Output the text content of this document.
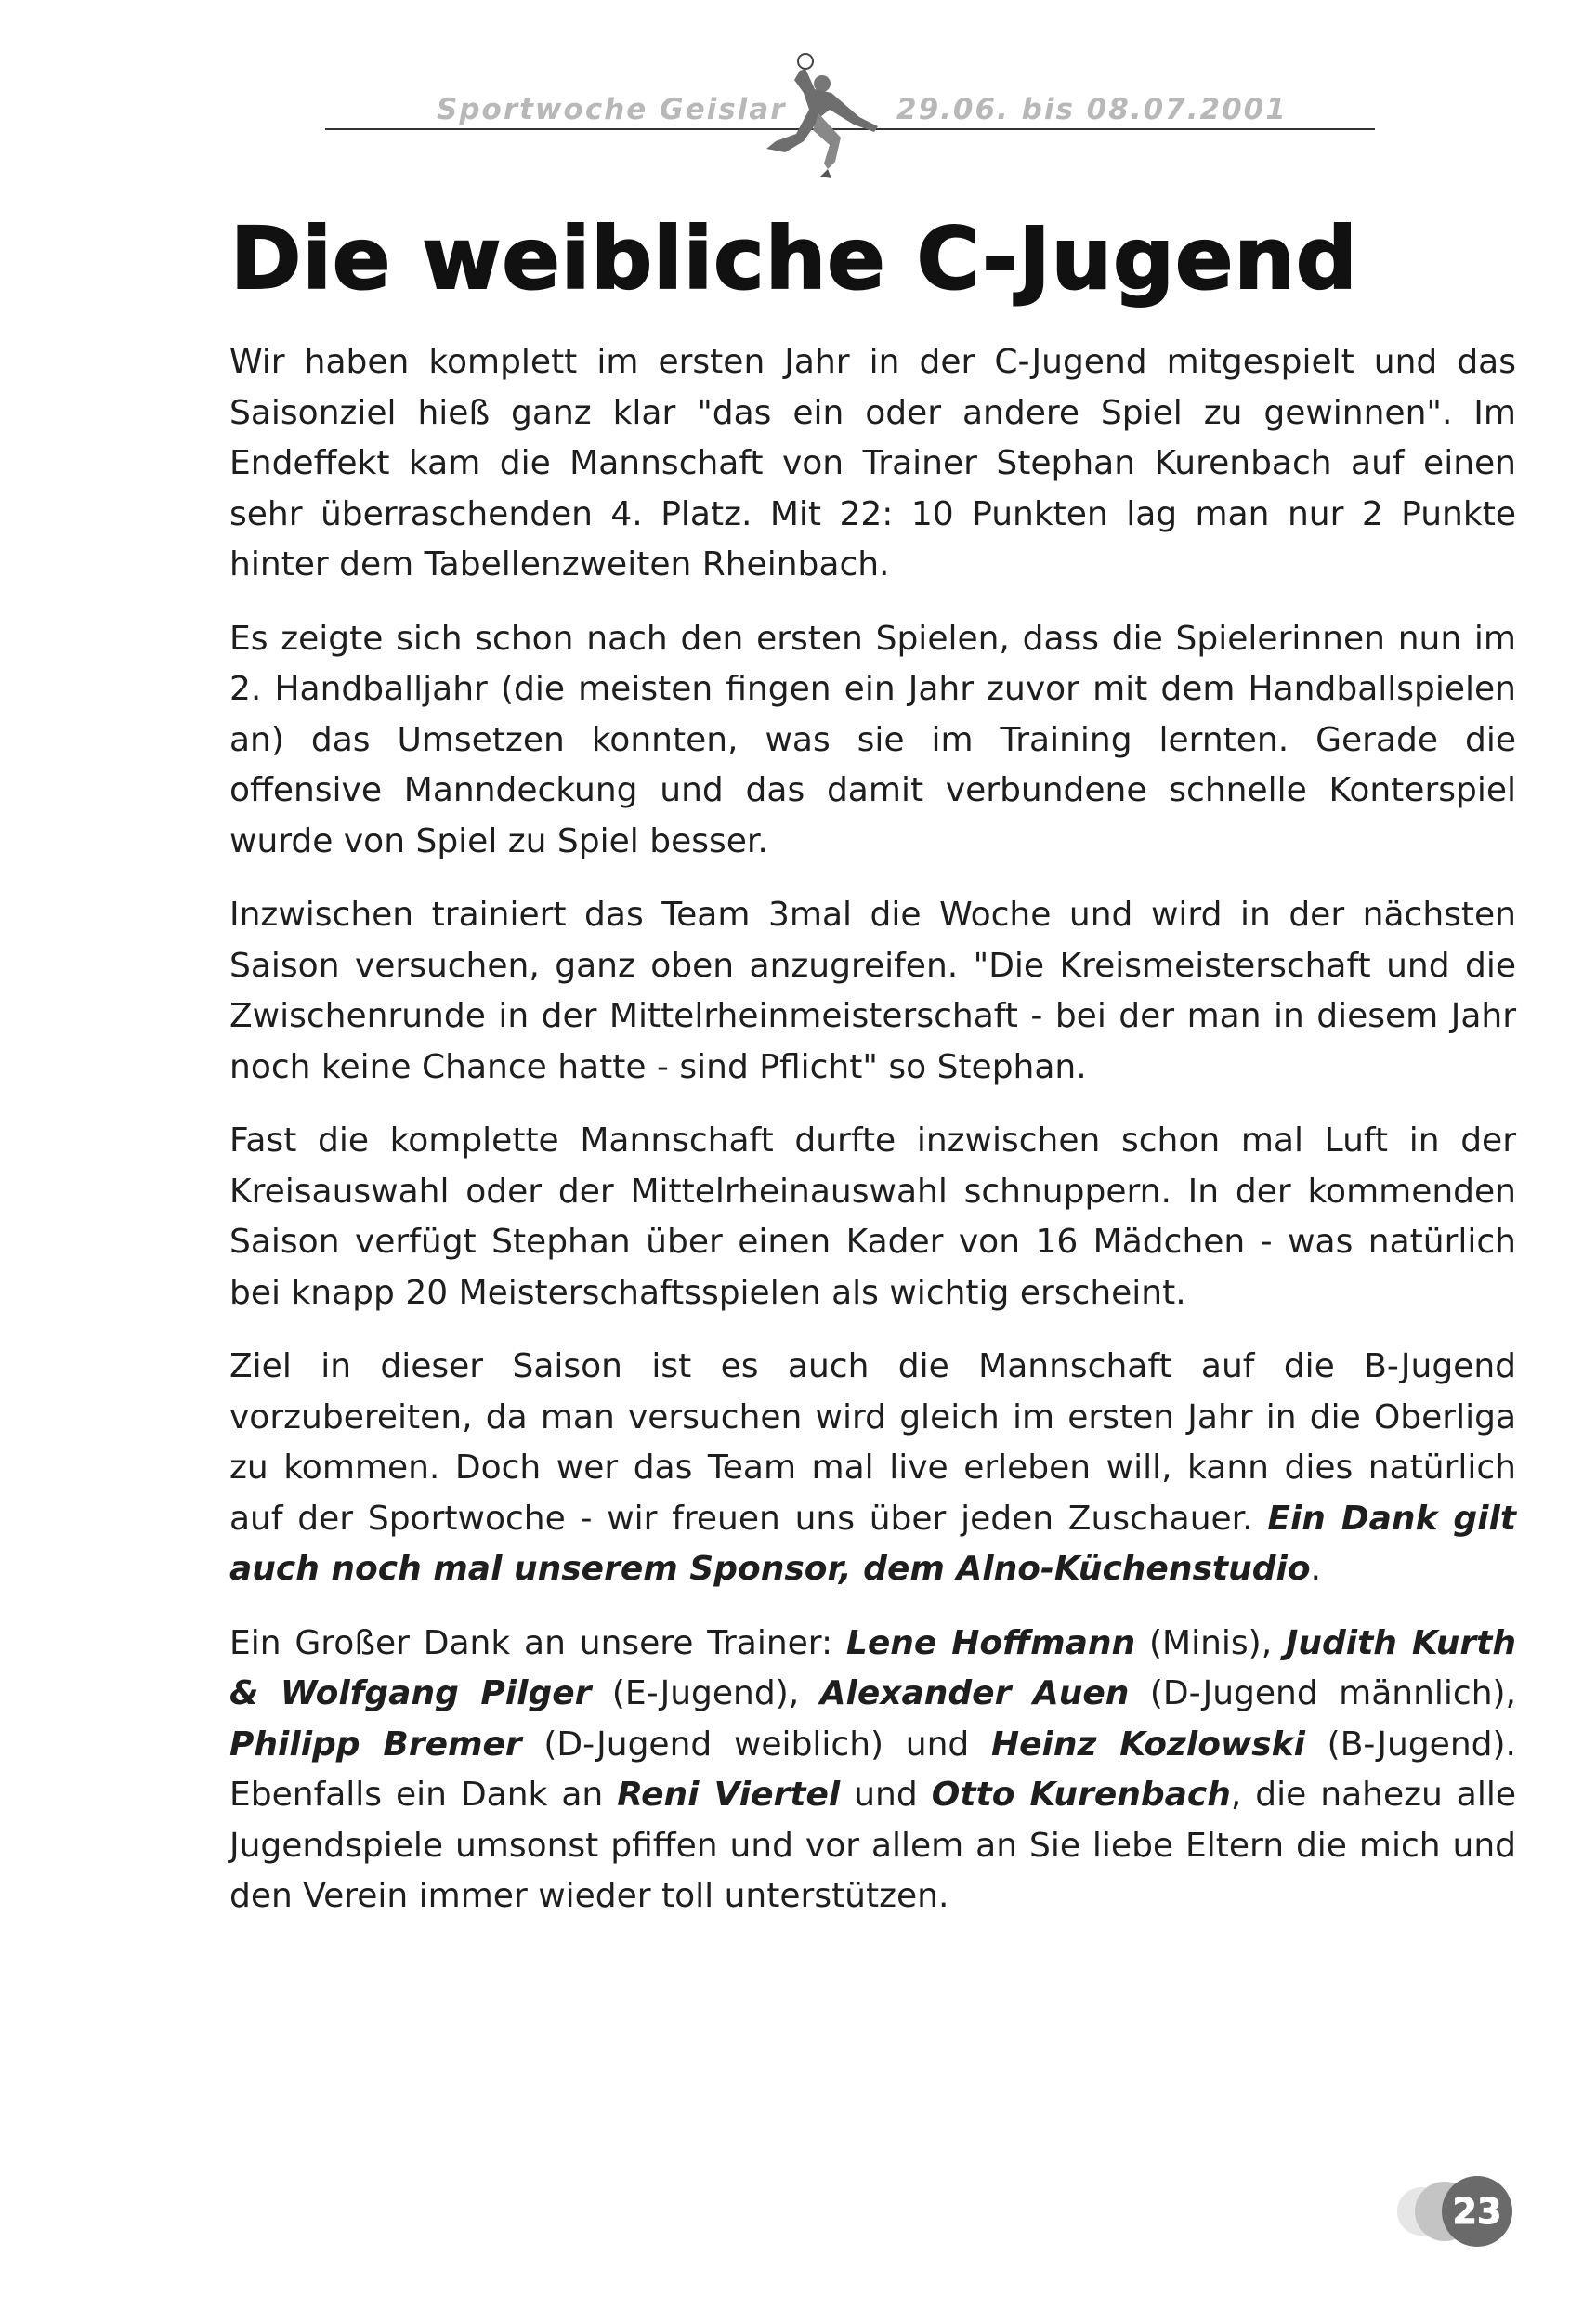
Sportwoche Geislar	29.06. bis 08.07.2001
Die weibliche C-Jugend

Wir haben komplett im ersten Jahr in der C-Jugend mitgespielt und das Saisonziel hieß ganz klar "das ein oder andere Spiel zu gewinnen". Im Endeffekt kam die Mannschaft von Trainer Stephan Kurenbach auf einen sehr überraschenden 4. Platz. Mit 22: 10 Punkten lag man nur 2 Punkte hinter dem Tabellenzweiten Rheinbach.

Es zeigte sich schon nach den ersten Spielen, dass die Spielerinnen nun im 2. Handballjahr (die meisten fingen ein Jahr zuvor mit dem Handballspielen an) das Umsetzen konnten, was sie im Training lernten. Gerade die offensive Manndeckung und das damit verbundene schnelle Konterspiel wurde von Spiel zu Spiel besser.

Inzwischen trainiert das Team 3mal die Woche und wird in der nächsten Saison versuchen, ganz oben anzugreifen. "Die Kreismeisterschaft und die Zwischenrunde in der Mittelrheinmeisterschaft - bei der man in diesem Jahr noch keine Chance hatte - sind Pflicht" so Stephan.

Fast die komplette Mannschaft durfte inzwischen schon mal Luft in der Kreisauswahl oder der Mittelrheinauswahl schnuppern. In der kommenden Saison verfügt Stephan über einen Kader von 16 Mädchen - was natürlich bei knapp 20 Meisterschaftsspielen als wichtig erscheint.

Ziel in dieser Saison ist es auch die Mannschaft auf die B-Jugend vorzubereiten, da man versuchen wird gleich im ersten Jahr in die Oberliga zu kommen. Doch wer das Team mal live erleben will, kann dies natürlich auf der Sportwoche - wir freuen uns über jeden Zuschauer. Ein Dank gilt auch noch mal unserem Sponsor, dem Alno-Küchenstudio.

Ein Großer Dank an unsere Trainer: Lene Hoffmann (Minis), Judith Kurth & Wolfgang Pilger (E-Jugend), Alexander Auen (D-Jugend männlich), Philipp Bremer (D-Jugend weiblich) und Heinz Kozlowski (B-Jugend). Ebenfalls ein Dank an Reni Viertel und Otto Kurenbach, die nahezu alle Jugendspiele umsonst pfiffen und vor allem an Sie liebe Eltern die mich und den Verein immer wieder toll unterstützen.

23
